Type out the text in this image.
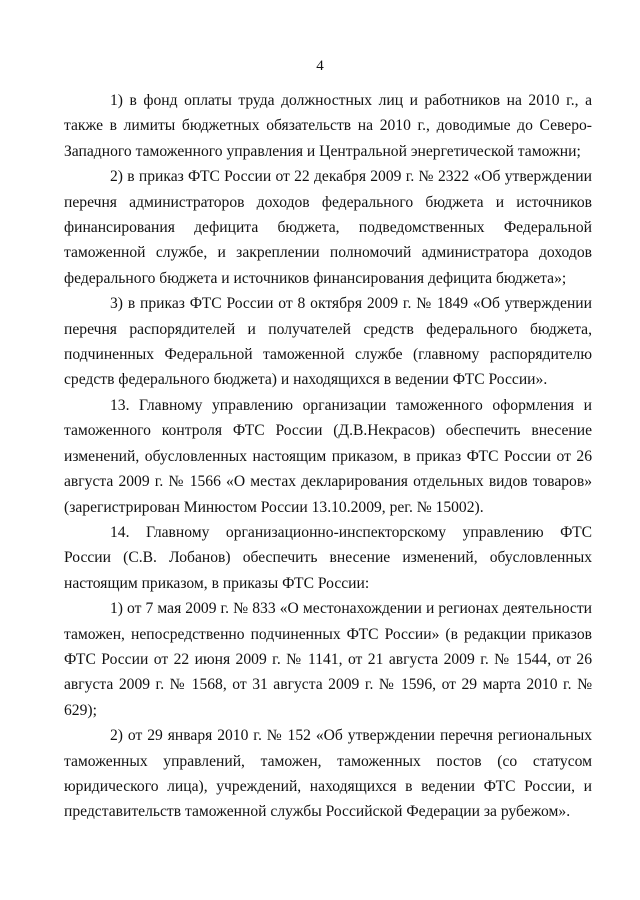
4

1) в фонд оплаты труда должностных лиц и работников на 2010 г., а также в лимиты бюджетных обязательств на 2010 г., доводимые до Северо-Западного таможенного управления и Центральной энергетической таможни;

2) в приказ ФТС России от 22 декабря 2009 г. № 2322 «Об утверждении перечня администраторов доходов федерального бюджета и источников финансирования дефицита бюджета, подведомственных Федеральной таможенной службе, и закреплении полномочий администратора доходов федерального бюджета и источников финансирования дефицита бюджета»;

3) в приказ ФТС России от 8 октября 2009 г. № 1849 «Об утверждении перечня распорядителей и получателей средств федерального бюджета, подчиненных Федеральной таможенной службе (главному распорядителю средств федерального бюджета) и находящихся в ведении ФТС России».

13. Главному управлению организации таможенного оформления и таможенного контроля ФТС России (Д.В.Некрасов) обеспечить внесение изменений, обусловленных настоящим приказом, в приказ ФТС России от 26 августа 2009 г. № 1566 «О местах декларирования отдельных видов товаров» (зарегистрирован Минюстом России 13.10.2009, рег. № 15002).

14. Главному организационно-инспекторскому управлению ФТС России (С.В. Лобанов) обеспечить внесение изменений, обусловленных настоящим приказом, в приказы ФТС России:

1) от 7 мая 2009 г. № 833 «О местонахождении и регионах деятельности таможен, непосредственно подчиненных ФТС России» (в редакции приказов ФТС России от 22 июня 2009 г. № 1141, от 21 августа 2009 г. № 1544, от 26 августа 2009 г. № 1568, от 31 августа 2009 г. № 1596, от 29 марта 2010 г. № 629);

2) от 29 января 2010 г. № 152 «Об утверждении перечня региональных таможенных управлений, таможен, таможенных постов (со статусом юридического лица), учреждений, находящихся в ведении ФТС России, и представительств таможенной службы Российской Федерации за рубежом».
